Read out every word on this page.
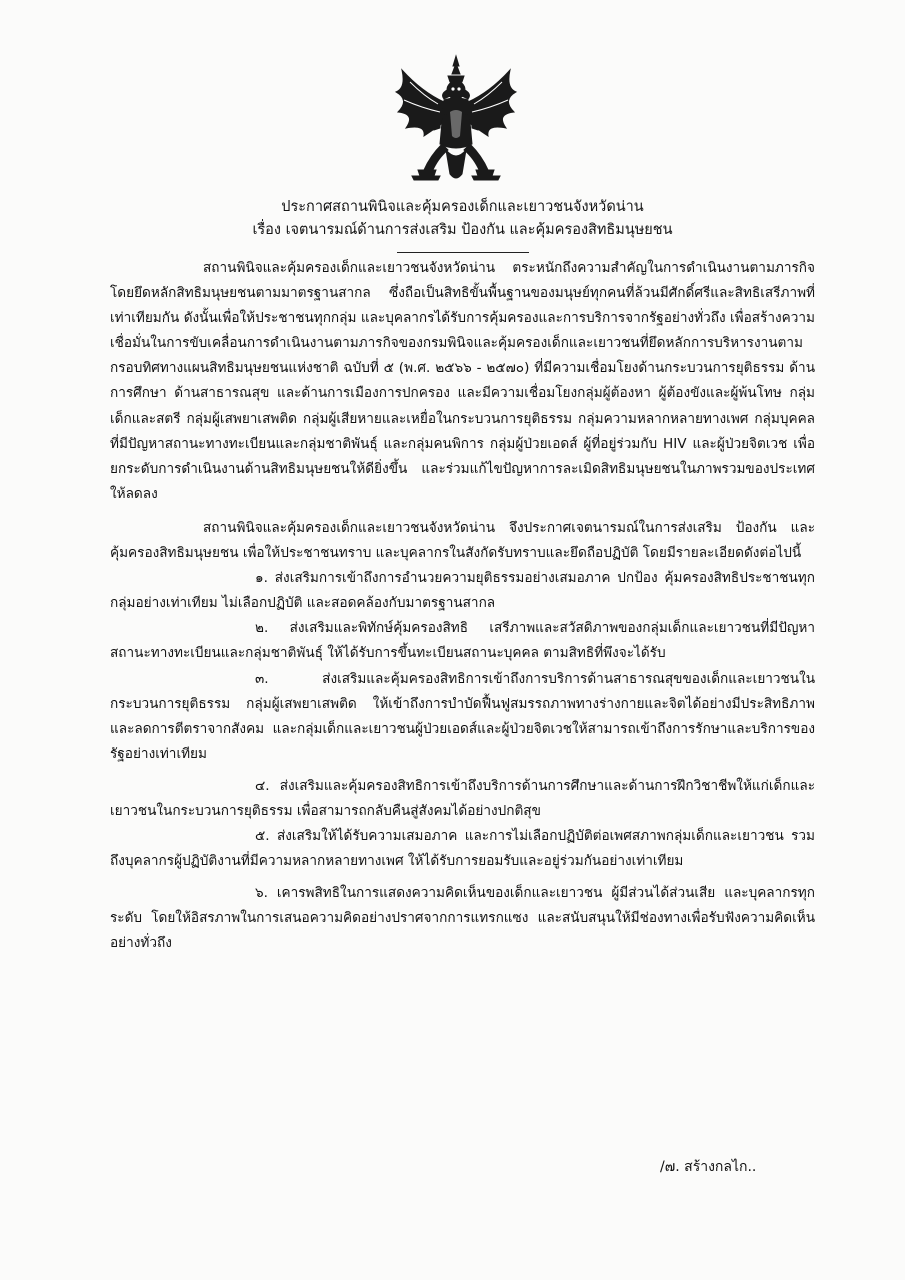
ประกาศสถานพินิจและคุ้มครองเด็กและเยาวชนจังหวัดน่าน
เรื่อง เจตนารมณ์ด้านการส่งเสริม ป้องกัน และคุ้มครองสิทธิมนุษยชน

สถานพินิจและคุ้มครองเด็กและเยาวชนจังหวัดน่าน ตระหนักถึงความสำคัญในการดำเนินงานตามภารกิจโดยยึดหลักสิทธิมนุษยชนตามมาตรฐานสากล ซึ่งถือเป็นสิทธิขั้นพื้นฐานของมนุษย์ทุกคนที่ล้วนมีศักดิ์ศรีและสิทธิเสรีภาพที่เท่าเทียมกัน ดังนั้นเพื่อให้ประชาชนทุกกลุ่ม และบุคลากรได้รับการคุ้มครองและการบริการจากรัฐอย่างทั่วถึง เพื่อสร้างความเชื่อมั่นในการขับเคลื่อนการดำเนินงานตามภารกิจของกรมพินิจและคุ้มครองเด็กและเยาวชนที่ยึดหลักการบริหารงานตามกรอบทิศทางแผนสิทธิมนุษยชนแห่งชาติ ฉบับที่ ๕ (พ.ศ. ๒๕๖๖ - ๒๕๗๐) ที่มีความเชื่อมโยงด้านกระบวนการยุติธรรม ด้านการศึกษา ด้านสาธารณสุข และด้านการเมืองการปกครอง และมีความเชื่อมโยงกลุ่มผู้ต้องหา ผู้ต้องขังและผู้พ้นโทษ กลุ่มเด็กและสตรี กลุ่มผู้เสพยาเสพติด กลุ่มผู้เสียหายและเหยื่อในกระบวนการยุติธรรม กลุ่มความหลากหลายทางเพศ กลุ่มบุคคลที่มีปัญหาสถานะทางทะเบียนและกลุ่มชาติพันธุ์ และกลุ่มคนพิการ กลุ่มผู้ป่วยเอดส์ ผู้ที่อยู่ร่วมกับ HIV และผู้ป่วยจิตเวช เพื่อยกระดับการดำเนินงานด้านสิทธิมนุษยชนให้ดียิ่งขึ้น และร่วมแก้ไขปัญหาการละเมิดสิทธิมนุษยชนในภาพรวมของประเทศให้ลดลง

สถานพินิจและคุ้มครองเด็กและเยาวชนจังหวัดน่าน จึงประกาศเจตนารมณ์ในการส่งเสริม ป้องกัน และคุ้มครองสิทธิมนุษยชน เพื่อให้ประชาชนทราบ และบุคลากรในสังกัดรับทราบและยึดถือปฏิบัติ โดยมีรายละเอียดดังต่อไปนี้

๑. ส่งเสริมการเข้าถึงการอำนวยความยุติธรรมอย่างเสมอภาค ปกป้อง คุ้มครองสิทธิประชาชนทุกกลุ่มอย่างเท่าเทียม ไม่เลือกปฏิบัติ และสอดคล้องกับมาตรฐานสากล

๒. ส่งเสริมและพิทักษ์คุ้มครองสิทธิ เสรีภาพและสวัสดิภาพของกลุ่มเด็กและเยาวชนที่มีปัญหาสถานะทางทะเบียนและกลุ่มชาติพันธุ์ ให้ได้รับการขึ้นทะเบียนสถานะบุคคล ตามสิทธิที่พึงจะได้รับ

๓. ส่งเสริมและคุ้มครองสิทธิการเข้าถึงการบริการด้านสาธารณสุขของเด็กและเยาวชนในกระบวนการยุติธรรม กลุ่มผู้เสพยาเสพติด ให้เข้าถึงการบำบัดฟื้นฟูสมรรถภาพทางร่างกายและจิตได้อย่างมีประสิทธิภาพและลดการตีตราจากสังคม และกลุ่มเด็กและเยาวชนผู้ป่วยเอดส์และผู้ป่วยจิตเวชให้สามารถเข้าถึงการรักษาและบริการของรัฐอย่างเท่าเทียม

๔. ส่งเสริมและคุ้มครองสิทธิการเข้าถึงบริการด้านการศึกษาและด้านการฝึกวิชาชีพให้แก่เด็กและเยาวชนในกระบวนการยุติธรรม เพื่อสามารถกลับคืนสู่สังคมได้อย่างปกติสุข

๕. ส่งเสริมให้ได้รับความเสมอภาค และการไม่เลือกปฏิบัติต่อเพศสภาพกลุ่มเด็กและเยาวชน รวมถึงบุคลากรผู้ปฏิบัติงานที่มีความหลากหลายทางเพศ ให้ได้รับการยอมรับและอยู่ร่วมกันอย่างเท่าเทียม

๖. เคารพสิทธิในการแสดงความคิดเห็นของเด็กและเยาวชน ผู้มีส่วนได้ส่วนเสีย และบุคลากรทุกระดับ โดยให้อิสรภาพในการเสนอความคิดอย่างปราศจากการแทรกแซง และสนับสนุนให้มีช่องทางเพื่อรับฟังความคิดเห็นอย่างทั่วถึง

/๗. สร้างกลไก..
